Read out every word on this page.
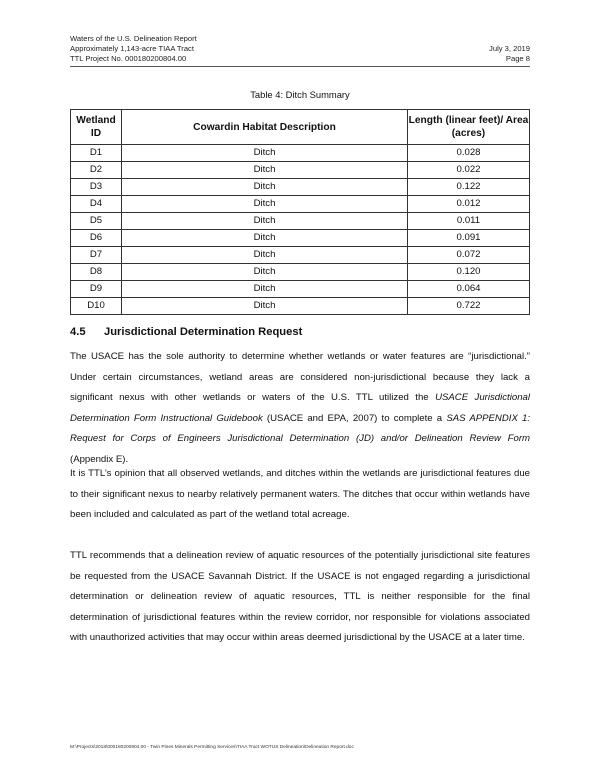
Waters of the U.S. Delineation Report
Approximately 1,143-acre TIAA Tract
TTL Project No. 000180200804.00
July 3, 2019
Page 8
Table 4: Ditch Summary
Wetland ID	Cowardin Habitat Description	Length (linear feet)/ Area (acres)
D1	Ditch	0.028
D2	Ditch	0.022
D3	Ditch	0.122
D4	Ditch	0.012
D5	Ditch	0.011
D6	Ditch	0.091
D7	Ditch	0.072
D8	Ditch	0.120
D9	Ditch	0.064
D10	Ditch	0.722
4.5 Jurisdictional Determination Request

The USACE has the sole authority to determine whether wetlands or water features are “jurisdictional.” Under certain circumstances, wetland areas are considered non-jurisdictional because they lack a significant nexus with other wetlands or waters of the U.S. TTL utilized the USACE Jurisdictional Determination Form Instructional Guidebook (USACE and EPA, 2007) to complete a SAS APPENDIX 1: Request for Corps of Engineers Jurisdictional Determination (JD) and/or Delineation Review Form (Appendix E).

It is TTL’s opinion that all observed wetlands, and ditches within the wetlands are jurisdictional features due to their significant nexus to nearby relatively permanent waters. The ditches that occur within wetlands have been included and calculated as part of the wetland total acreage.

TTL recommends that a delineation review of aquatic resources of the potentially jurisdictional site features be requested from the USACE Savannah District. If the USACE is not engaged regarding a jurisdictional determination or delineation review of aquatic resources, TTL is neither responsible for the final determination of jurisdictional features within the review corridor, nor responsible for violations associated with unauthorized activities that may occur within areas deemed jurisdictional by the USACE at a later time.

M:\Projects\2018\000180200804.00 - Twin Pines Minerals Permitting Services\TIAA Tract WOTUS Delineation\Delineation Report.doc
